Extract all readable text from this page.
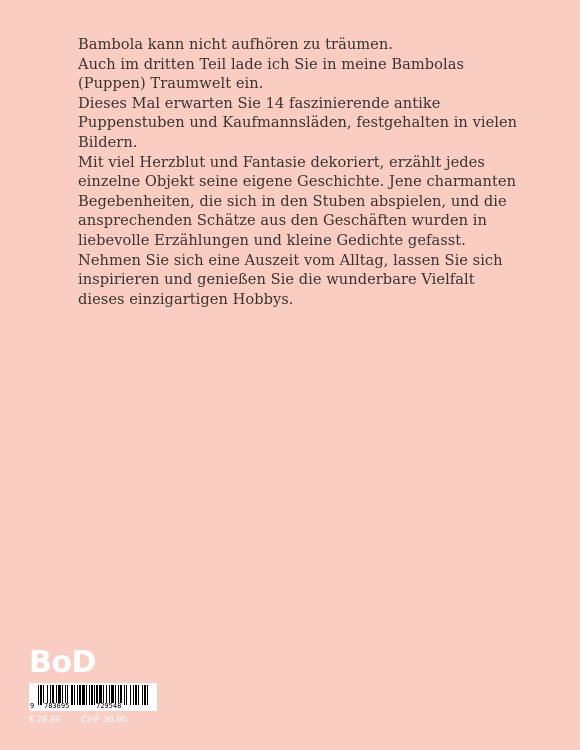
Bambola kann nicht aufhören zu träumen.

Auch im dritten Teil lade ich Sie in meine Bambolas

(Puppen) Traumwelt ein.

Dieses Mal erwarten Sie 14 faszinierende antike

Puppenstuben und Kaufmannsläden, festgehalten in vielen

Bildern.

Mit viel Herzblut und Fantasie dekoriert, erzählt jedes

einzelne Objekt seine eigene Geschichte. Jene charmanten

Begebenheiten, die sich in den Stuben abspielen, und die

ansprechenden Schätze aus den Geschäften wurden in

liebevolle Erzählungen und kleine Gedichte gefasst.

Nehmen Sie sich eine Auszeit vom Alltag, lassen Sie sich

inspirieren und genießen Sie die wunderbare Vielfalt

dieses einzigartigen Hobbys.

BoD
9 783695	729548
€ 26.99 CHF 36.90
